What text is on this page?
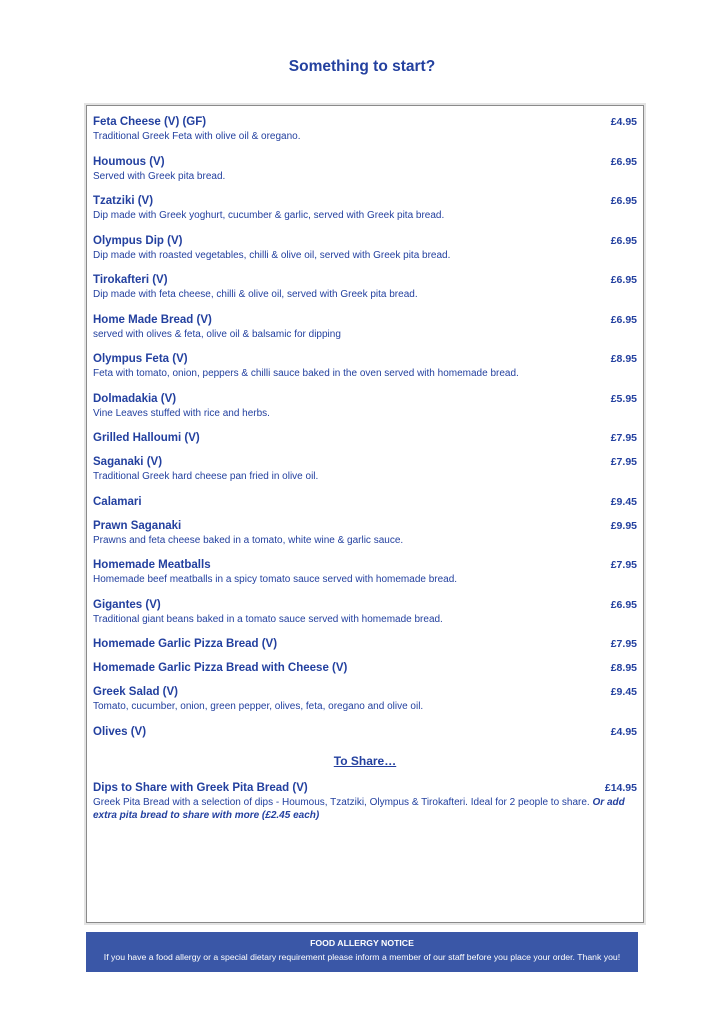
Something to start?
Feta Cheese (V) (GF)	£4.95
Traditional Greek Feta with olive oil & oregano.
Houmous (V)	£6.95
Served with Greek pita bread.
Tzatziki (V)	£6.95
Dip made with Greek yoghurt, cucumber & garlic, served with Greek pita bread.
Olympus Dip (V)	£6.95
Dip made with roasted vegetables, chilli & olive oil, served with Greek pita bread.
Tirokafteri (V)	£6.95
Dip made with feta cheese, chilli & olive oil, served with Greek pita bread.
Home Made Bread (V)	£6.95
served with olives & feta, olive oil & balsamic for dipping
Olympus Feta (V)	£8.95
Feta with tomato, onion, peppers & chilli sauce baked in the oven served with homemade bread.
Dolmadakia (V)	£5.95
Vine Leaves stuffed with rice and herbs.
Grilled Halloumi (V)	£7.95
Saganaki (V)	£7.95
Traditional Greek hard cheese pan fried in olive oil.
Calamari	£9.45
Prawn Saganaki	£9.95
Prawns and feta cheese baked in a tomato, white wine & garlic sauce.
Homemade Meatballs	£7.95
Homemade beef meatballs in a spicy tomato sauce served with homemade bread.
Gigantes (V)	£6.95
Traditional giant beans baked in a tomato sauce served with homemade bread.
Homemade Garlic Pizza Bread (V)	£7.95
Homemade Garlic Pizza Bread with Cheese (V)	£8.95
Greek Salad (V)	£9.45
Tomato, cucumber, onion, green pepper, olives, feta, oregano and olive oil.
Olives (V)	£4.95
To Share…
Dips to Share with Greek Pita Bread (V)	£14.95
Greek Pita Bread with a selection of dips - Houmous, Tzatziki, Olympus & Tirokafteri. Ideal for 2 people to share. Or add extra pita bread to share with more (£2.45 each)
FOOD ALLERGY NOTICE
If you have a food allergy or a special dietary requirement please inform a member of our staff before you place your order. Thank you!
